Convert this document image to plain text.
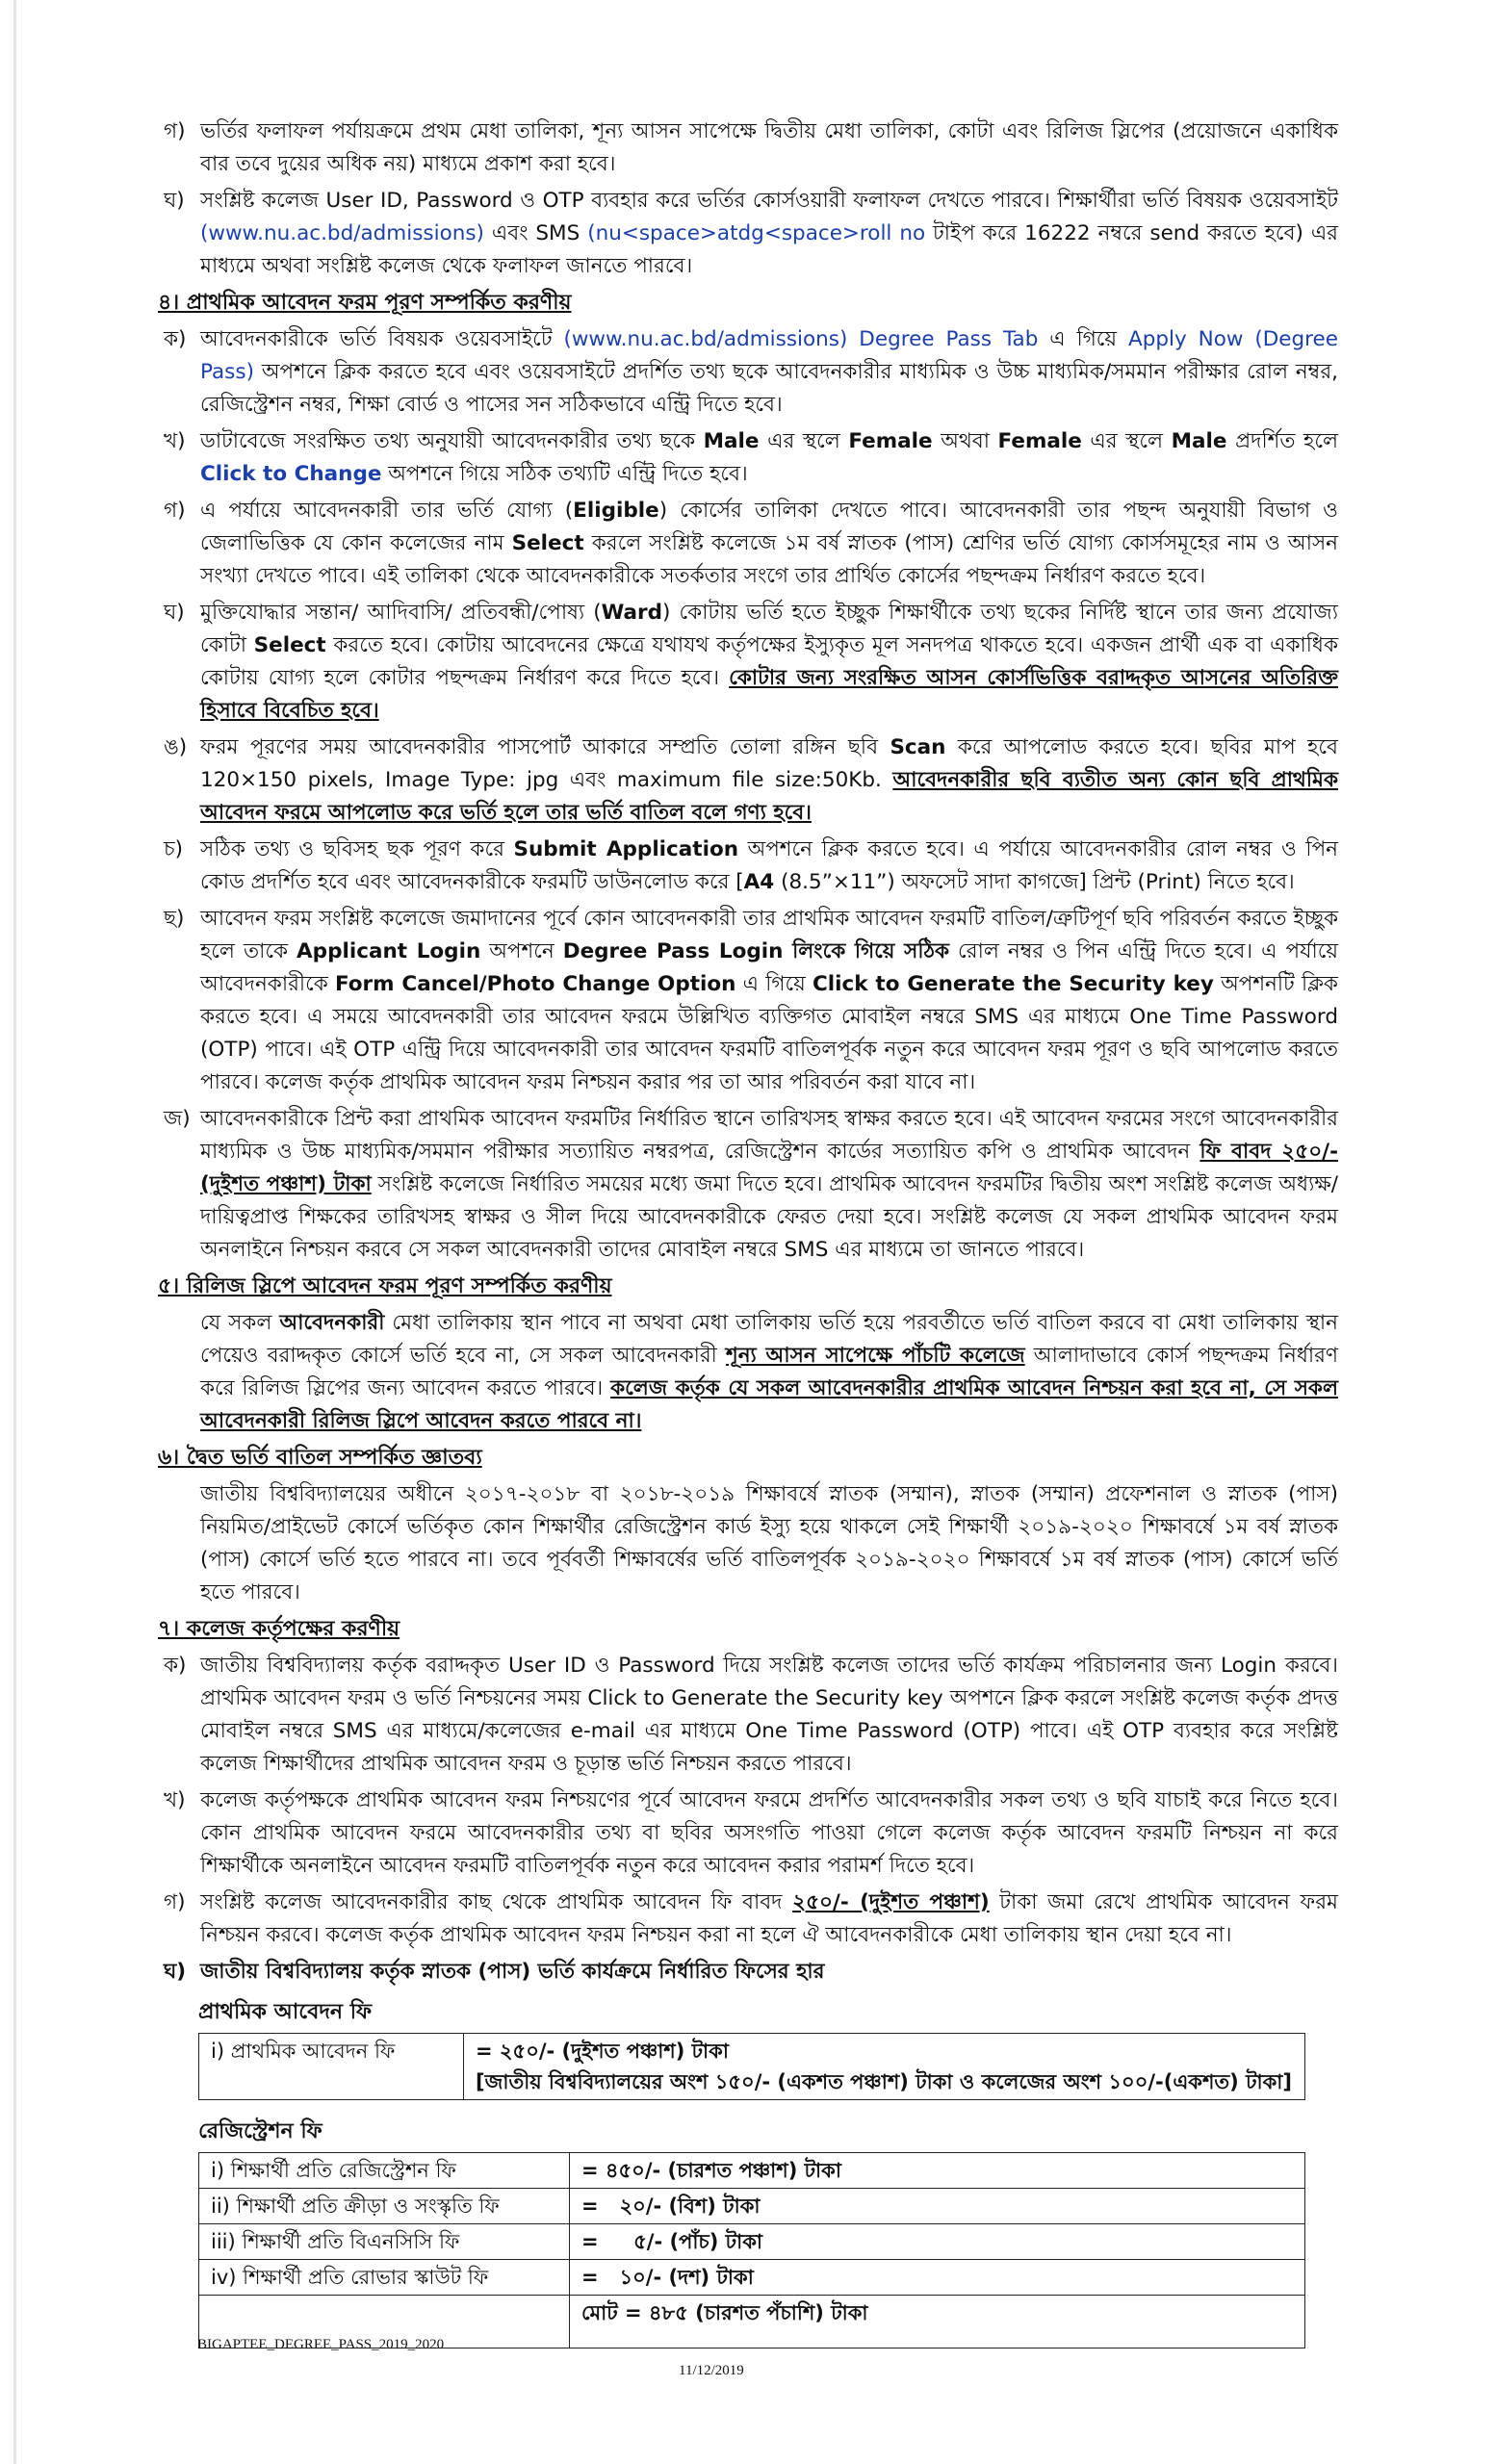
গ) ভর্তির ফলাফল পর্যায়ক্রমে প্রথম মেধা তালিকা, শূন্য আসন সাপেক্ষে দ্বিতীয় মেধা তালিকা, কোটা এবং রিলিজ স্লিপের (প্রয়োজনে একাধিক বার তবে দুয়ের অধিক নয়) মাধ্যমে প্রকাশ করা হবে।
ঘ) সংশ্লিষ্ট কলেজ User ID, Password ও OTP ব্যবহার করে ভর্তির কোর্সওয়ারী ফলাফল দেখতে পারবে। শিক্ষার্থীরা ভর্তি বিষয়ক ওয়েবসাইট (www.nu.ac.bd/admissions) এবং SMS (nu<space>atdg<space>roll no টাইপ করে 16222 নম্বরে send করতে হবে) এর মাধ্যমে অথবা সংশ্লিষ্ট কলেজ থেকে ফলাফল জানতে পারবে।
৪। প্রাথমিক আবেদন ফরম পূরণ সম্পর্কিত করণীয়
ক) আবেদনকারীকে ভর্তি বিষয়ক ওয়েবসাইটে (www.nu.ac.bd/admissions) Degree Pass Tab এ গিয়ে Apply Now (Degree Pass) অপশনে ক্লিক করতে হবে এবং ওয়েবসাইটে প্রদর্শিত তথ্য ছকে আবেদনকারীর মাধ্যমিক ও উচ্চ মাধ্যমিক/সমমান পরীক্ষার রোল নম্বর, রেজিস্ট্রেশন নম্বর, শিক্ষা বোর্ড ও পাসের সন সঠিকভাবে এন্ট্রি দিতে হবে।
খ) ডাটাবেজে সংরক্ষিত তথ্য অনুযায়ী আবেদনকারীর তথ্য ছকে Male এর স্থলে Female অথবা Female এর স্থলে Male প্রদর্শিত হলে Click to Change অপশনে গিয়ে সঠিক তথ্যটি এন্ট্রি দিতে হবে।
গ) এ পর্যায়ে আবেদনকারী তার ভর্তি যোগ্য (Eligible) কোর্সের তালিকা দেখতে পাবে। আবেদনকারী তার পছন্দ অনুযায়ী বিভাগ ও জেলাভিত্তিক যে কোন কলেজের নাম Select করলে সংশ্লিষ্ট কলেজে ১ম বর্ষ স্নাতক (পাস) শ্রেণির ভর্তি যোগ্য কোর্সসমূহের নাম ও আসন সংখ্যা দেখতে পাবে। এই তালিকা থেকে আবেদনকারীকে সতর্কতার সংগে তার প্রার্থিত কোর্সের পছন্দক্রম নির্ধারণ করতে হবে।
ঘ) মুক্তিযোদ্ধার সন্তান/ আদিবাসি/ প্রতিবন্ধী/পোষ্য (Ward) কোটায় ভর্তি হতে ইচ্ছুক শিক্ষার্থীকে তথ্য ছকের নির্দিষ্ট স্থানে তার জন্য প্রযোজ্য কোটা Select করতে হবে। কোটায় আবেদনের ক্ষেত্রে যথাযথ কর্তৃপক্ষের ইস্যুকৃত মূল সনদপত্র থাকতে হবে। একজন প্রার্থী এক বা একাধিক কোটায় যোগ্য হলে কোটার পছন্দক্রম নির্ধারণ করে দিতে হবে। কোটার জন্য সংরক্ষিত আসন কোর্সভিত্তিক বরাদ্দকৃত আসনের অতিরিক্ত হিসাবে বিবেচিত হবে।
ঙ) ফরম পূরণের সময় আবেদনকারীর পাসপোর্ট আকারে সম্প্রতি তোলা রঙ্গিন ছবি Scan করে আপলোড করতে হবে। ছবির মাপ হবে 120×150 pixels, Image Type: jpg এবং maximum file size:50Kb. আবেদনকারীর ছবি ব্যতীত অন্য কোন ছবি প্রাথমিক আবেদন ফরমে আপলোড করে ভর্তি হলে তার ভর্তি বাতিল বলে গণ্য হবে।
চ) সঠিক তথ্য ও ছবিসহ ছক পূরণ করে Submit Application অপশনে ক্লিক করতে হবে। এ পর্যায়ে আবেদনকারীর রোল নম্বর ও পিন কোড প্রদর্শিত হবে এবং আবেদনকারীকে ফরমটি ডাউনলোড করে [A4 (8.5”×11”) অফসেট সাদা কাগজে] প্রিন্ট (Print) নিতে হবে।
ছ) আবেদন ফরম সংশ্লিষ্ট কলেজে জমাদানের পূর্বে কোন আবেদনকারী তার প্রাথমিক আবেদন ফরমটি বাতিল/ত্রুটিপূর্ণ ছবি পরিবর্তন করতে ইচ্ছুক হলে তাকে Applicant Login অপশনে Degree Pass Login লিংকে গিয়ে সঠিক রোল নম্বর ও পিন এন্ট্রি দিতে হবে। এ পর্যায়ে আবেদনকারীকে Form Cancel/Photo Change Option এ গিয়ে Click to Generate the Security key অপশনটি ক্লিক করতে হবে। এ সময়ে আবেদনকারী তার আবেদন ফরমে উল্লিখিত ব্যক্তিগত মোবাইল নম্বরে SMS এর মাধ্যমে One Time Password (OTP) পাবে। এই OTP এন্ট্রি দিয়ে আবেদনকারী তার আবেদন ফরমটি বাতিলপূর্বক নতুন করে আবেদন ফরম পূরণ ও ছবি আপলোড করতে পারবে। কলেজ কর্তৃক প্রাথমিক আবেদন ফরম নিশ্চয়ন করার পর তা আর পরিবর্তন করা যাবে না।
জ) আবেদনকারীকে প্রিন্ট করা প্রাথমিক আবেদন ফরমটির নির্ধারিত স্থানে তারিখসহ স্বাক্ষর করতে হবে। এই আবেদন ফরমের সংগে আবেদনকারীর মাধ্যমিক ও উচ্চ মাধ্যমিক/সমমান পরীক্ষার সত্যায়িত নম্বরপত্র, রেজিস্ট্রেশন কার্ডের সত্যায়িত কপি ও প্রাথমিক আবেদন ফি বাবদ ২৫০/- (দুইশত পঞ্চাশ) টাকা সংশ্লিষ্ট কলেজে নির্ধারিত সময়ের মধ্যে জমা দিতে হবে। প্রাথমিক আবেদন ফরমটির দ্বিতীয় অংশ সংশ্লিষ্ট কলেজ অধ্যক্ষ/দায়িত্বপ্রাপ্ত শিক্ষকের তারিখসহ স্বাক্ষর ও সীল দিয়ে আবেদনকারীকে ফেরত দেয়া হবে। সংশ্লিষ্ট কলেজ যে সকল প্রাথমিক আবেদন ফরম অনলাইনে নিশ্চয়ন করবে সে সকল আবেদনকারী তাদের মোবাইল নম্বরে SMS এর মাধ্যমে তা জানতে পারবে।
৫। রিলিজ স্লিপে আবেদন ফরম পূরণ সম্পর্কিত করণীয়
যে সকল আবেদনকারী মেধা তালিকায় স্থান পাবে না অথবা মেধা তালিকায় ভর্তি হয়ে পরবর্তীতে ভর্তি বাতিল করবে বা মেধা তালিকায় স্থান পেয়েও বরাদ্দকৃত কোর্সে ভর্তি হবে না, সে সকল আবেদনকারী শূন্য আসন সাপেক্ষে পাঁচটি কলেজে আলাদাভাবে কোর্স পছন্দক্রম নির্ধারণ করে রিলিজ স্লিপের জন্য আবেদন করতে পারবে। কলেজ কর্তৃক যে সকল আবেদনকারীর প্রাথমিক আবেদন নিশ্চয়ন করা হবে না, সে সকল আবেদনকারী রিলিজ স্লিপে আবেদন করতে পারবে না।
৬। দ্বৈত ভর্তি বাতিল সম্পর্কিত জ্ঞাতব্য
জাতীয় বিশ্ববিদ্যালয়ের অধীনে ২০১৭-২০১৮ বা ২০১৮-২০১৯ শিক্ষাবর্ষে স্নাতক (সম্মান), স্নাতক (সম্মান) প্রফেশনাল ও স্নাতক (পাস) নিয়মিত/প্রাইভেট কোর্সে ভর্তিকৃত কোন শিক্ষার্থীর রেজিস্ট্রেশন কার্ড ইস্যু হয়ে থাকলে সেই শিক্ষার্থী ২০১৯-২০২০ শিক্ষাবর্ষে ১ম বর্ষ স্নাতক (পাস) কোর্সে ভর্তি হতে পারবে না। তবে পূর্ববর্তী শিক্ষাবর্ষের ভর্তি বাতিলপূর্বক ২০১৯-২০২০ শিক্ষাবর্ষে ১ম বর্ষ স্নাতক (পাস) কোর্সে ভর্তি হতে পারবে।
৭। কলেজ কর্তৃপক্ষের করণীয়
ক) জাতীয় বিশ্ববিদ্যালয় কর্তৃক বরাদ্দকৃত User ID ও Password দিয়ে সংশ্লিষ্ট কলেজ তাদের ভর্তি কার্যক্রম পরিচালনার জন্য Login করবে। প্রাথমিক আবেদন ফরম ও ভর্তি নিশ্চয়নের সময় Click to Generate the Security key অপশনে ক্লিক করলে সংশ্লিষ্ট কলেজ কর্তৃক প্রদত্ত মোবাইল নম্বরে SMS এর মাধ্যমে/কলেজের e-mail এর মাধ্যমে One Time Password (OTP) পাবে। এই OTP ব্যবহার করে সংশ্লিষ্ট কলেজ শিক্ষার্থীদের প্রাথমিক আবেদন ফরম ও চূড়ান্ত ভর্তি নিশ্চয়ন করতে পারবে।
খ) কলেজ কর্তৃপক্ষকে প্রাথমিক আবেদন ফরম নিশ্চয়ণের পূর্বে আবেদন ফরমে প্রদর্শিত আবেদনকারীর সকল তথ্য ও ছবি যাচাই করে নিতে হবে। কোন প্রাথমিক আবেদন ফরমে আবেদনকারীর তথ্য বা ছবির অসংগতি পাওয়া গেলে কলেজ কর্তৃক আবেদন ফরমটি নিশ্চয়ন না করে শিক্ষার্থীকে অনলাইনে আবেদন ফরমটি বাতিলপূর্বক নতুন করে আবেদন করার পরামর্শ দিতে হবে।
গ) সংশ্লিষ্ট কলেজ আবেদনকারীর কাছ থেকে প্রাথমিক আবেদন ফি বাবদ ২৫০/- (দুইশত পঞ্চাশ) টাকা জমা রেখে প্রাথমিক আবেদন ফরম নিশ্চয়ন করবে। কলেজ কর্তৃক প্রাথমিক আবেদন ফরম নিশ্চয়ন করা না হলে ঐ আবেদনকারীকে মেধা তালিকায় স্থান দেয়া হবে না।
ঘ) জাতীয় বিশ্ববিদ্যালয় কর্তৃক স্নাতক (পাস) ভর্তি কার্যক্রমে নির্ধারিত ফিসের হার
প্রাথমিক আবেদন ফি
i) প্রাথমিক আবেদন ফি	= ২৫০/- (দুইশত পঞ্চাশ) টাকা
[জাতীয় বিশ্ববিদ্যালয়ের অংশ ১৫০/- (একশত পঞ্চাশ) টাকা ও কলেজের অংশ ১০০/-(একশত) টাকা]
রেজিস্ট্রেশন ফি
i) শিক্ষার্থী প্রতি রেজিস্ট্রেশন ফি	= ৪৫০/- (চারশত পঞ্চাশ) টাকা
ii) শিক্ষার্থী প্রতি ক্রীড়া ও সংস্কৃতি ফি	=   ২০/- (বিশ) টাকা
iii) শিক্ষার্থী প্রতি বিএনসিসি ফি	=     ৫/- (পাঁচ) টাকা
iv) শিক্ষার্থী প্রতি রোভার স্কাউট ফি	=   ১০/- (দশ) টাকা
	মোট = ৪৮৫ (চারশত পঁচাশি) টাকা
BIGAPTEE_DEGREE_PASS_2019_2020
11/12/2019
